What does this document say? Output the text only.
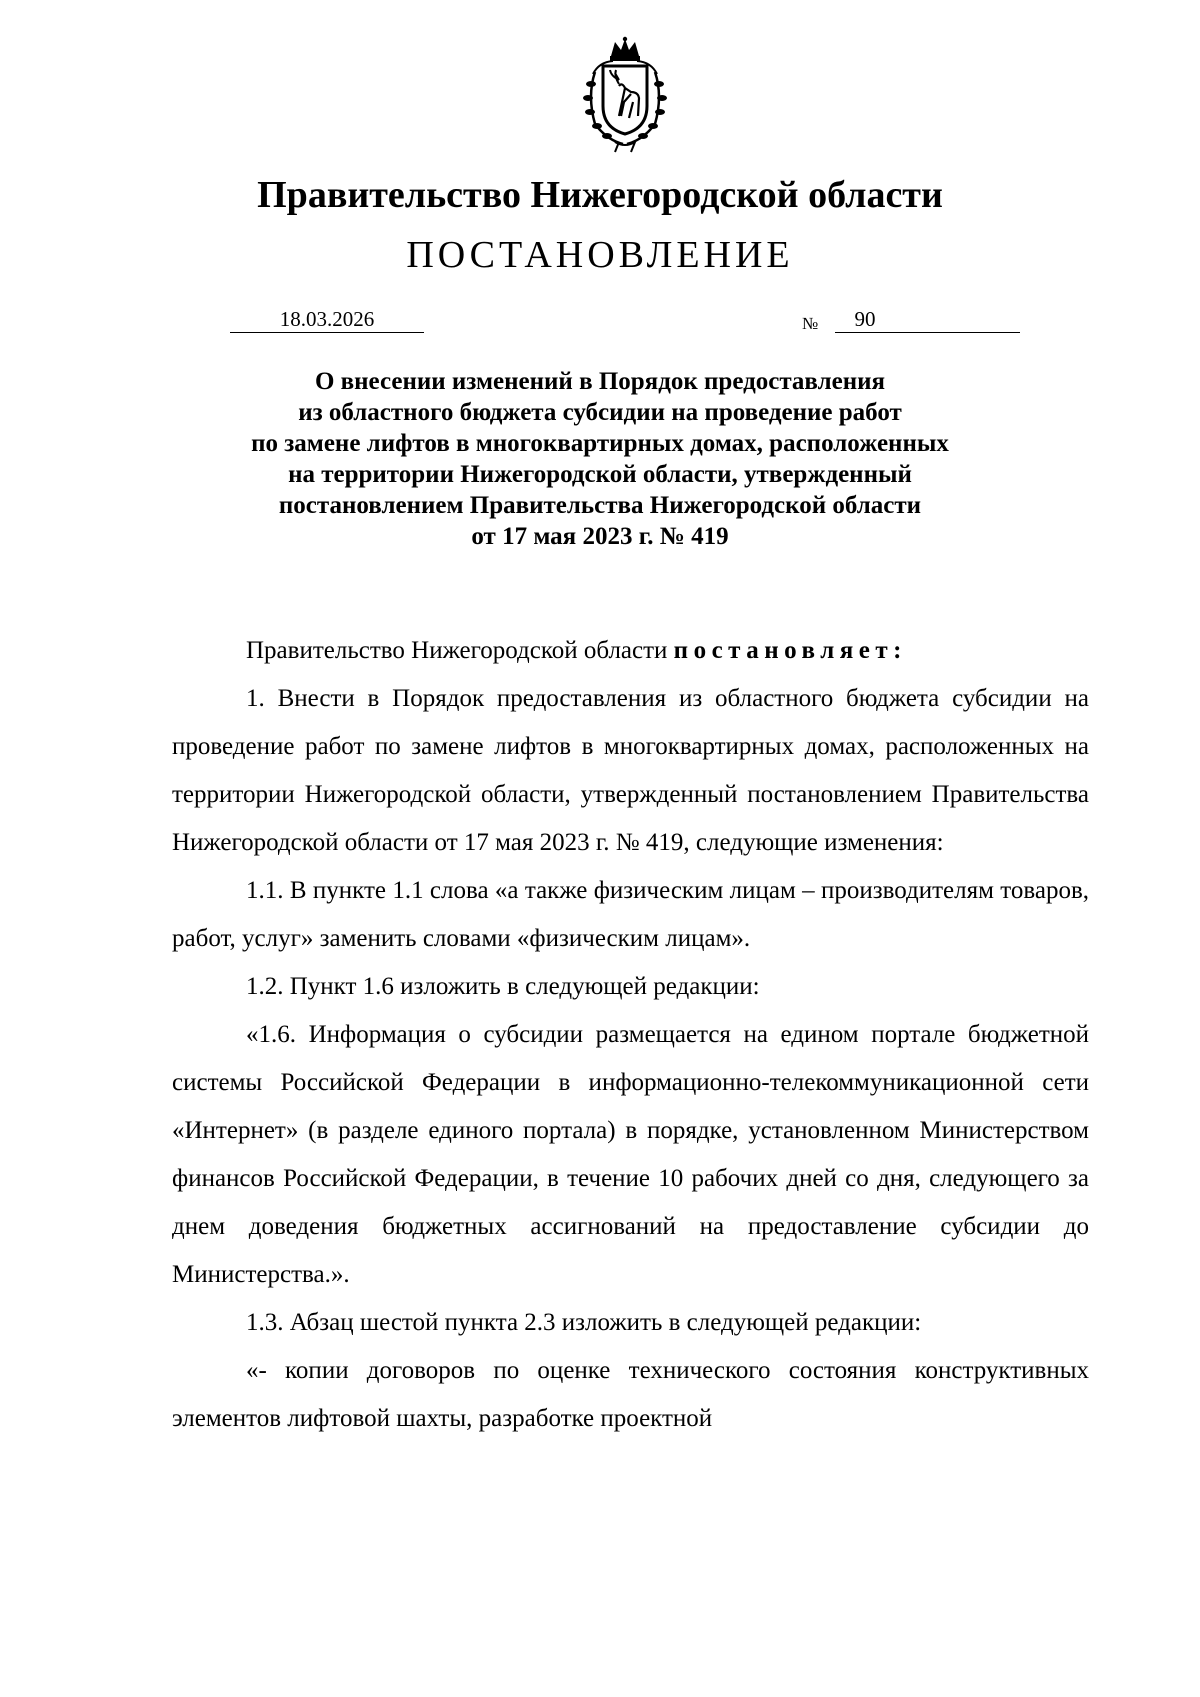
Правительство Нижегородской области
ПОСТАНОВЛЕНИЕ
18.03.2026	№	90
О внесении изменений в Порядок предоставления
из областного бюджета субсидии на проведение работ
по замене лифтов в многоквартирных домах, расположенных
на территории Нижегородской области, утвержденный
постановлением Правительства Нижегородской области
от 17 мая 2023 г. № 419

Правительство Нижегородской области постановляет:

1. Внести в Порядок предоставления из областного бюджета субсидии на проведение работ по замене лифтов в многоквартирных домах, расположенных на территории Нижегородской области, утвержденный постановлением Правительства Нижегородской области от 17 мая 2023 г. № 419, следующие изменения:

1.1. В пункте 1.1 слова «а также физическим лицам – производителям товаров, работ, услуг» заменить словами «физическим лицам».

1.2. Пункт 1.6 изложить в следующей редакции:

«1.6. Информация о субсидии размещается на едином портале бюджетной системы Российской Федерации в информационно-телекоммуникационной сети «Интернет» (в разделе единого портала) в порядке, установленном Министерством финансов Российской Федерации, в течение 10 рабочих дней со дня, следующего за днем доведения бюджетных ассигнований на предоставление субсидии до Министерства.».

1.3. Абзац шестой пункта 2.3 изложить в следующей редакции:

«- копии договоров по оценке технического состояния конструктивных элементов лифтовой шахты, разработке проектной
